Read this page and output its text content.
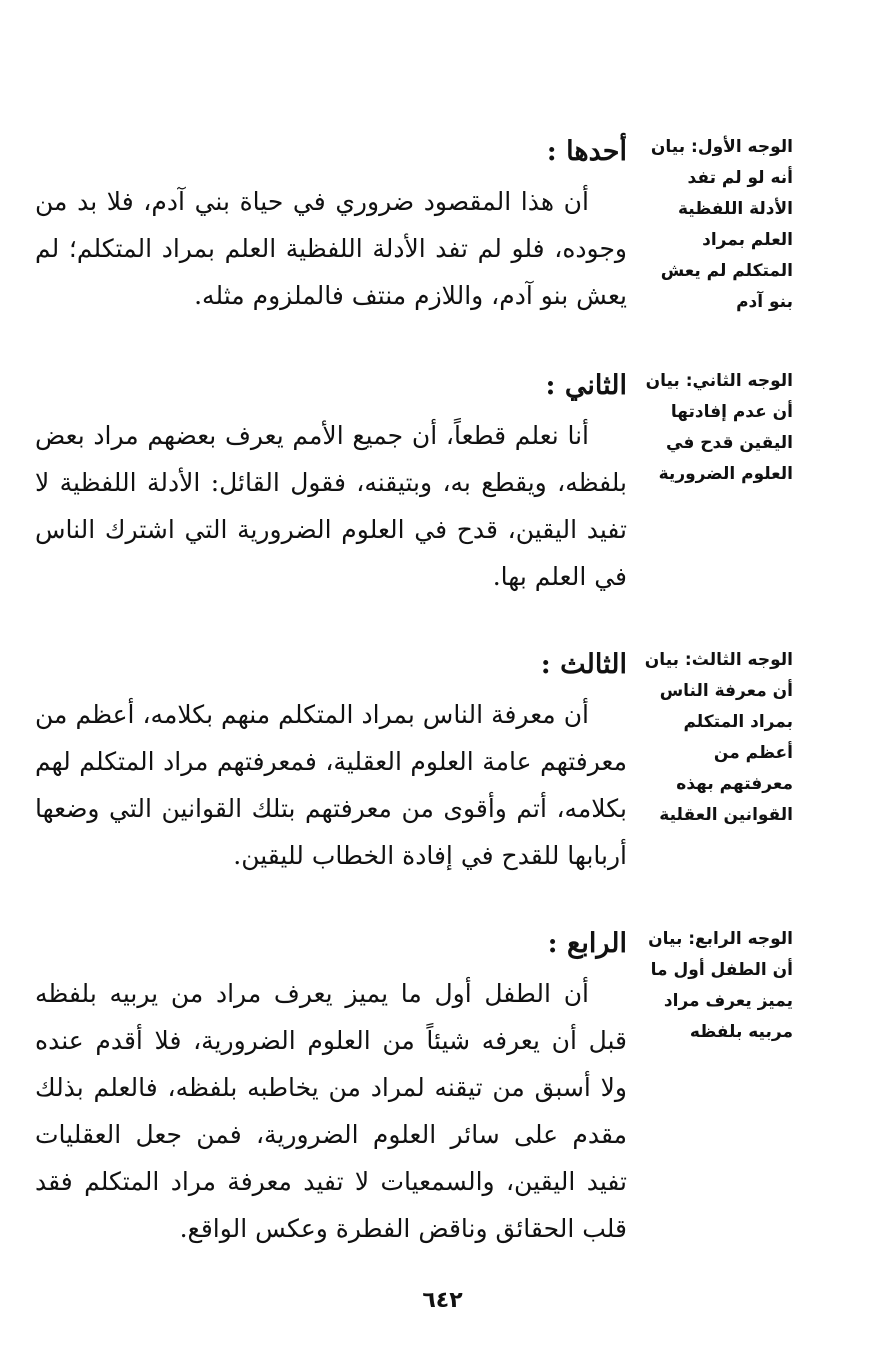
الوجه الأول: بيان
أنه لو لم تفد الأدلة اللفظية العلم بمراد المتكلم لم يعش بنو آدم
أحدها :
أن هذا المقصود ضروري في حياة بني آدم، فلا بد من وجوده، فلو لم تفد الأدلة اللفظية العلم بمراد المتكلم؛ لم يعش بنو آدم، واللازم منتف فالملزوم مثله.
الوجه الثاني: بيان
أن عدم إفادتها اليقين قدح في العلوم الضرورية
الثاني :
أنا نعلم قطعاً، أن جميع الأمم يعرف بعضهم مراد بعض بلفظه، ويقطع به، وبتيقنه، فقول القائل: الأدلة اللفظية لا تفيد اليقين، قدح في العلوم الضرورية التي اشترك الناس في العلم بها.
الوجه الثالث: بيان
أن معرفة الناس بمراد المتكلم أعظم من معرفتهم بهذه القوانين العقلية
الثالث :
أن معرفة الناس بمراد المتكلم منهم بكلامه، أعظم من معرفتهم عامة العلوم العقلية، فمعرفتهم مراد المتكلم لهم بكلامه، أتم وأقوى من معرفتهم بتلك القوانين التي وضعها أربابها للقدح في إفادة الخطاب لليقين.
الوجه الرابع: بيان
أن الطفل أول ما يميز يعرف مراد مربيه بلفظه
الرابع :
أن الطفل أول ما يميز يعرف مراد من يربيه بلفظه قبل أن يعرفه شيئاً من العلوم الضرورية، فلا أقدم عنده ولا أسبق من تيقنه لمراد من يخاطبه بلفظه، فالعلم بذلك مقدم على سائر العلوم الضرورية، فمن جعل العقليات تفيد اليقين، والسمعيات لا تفيد معرفة مراد المتكلم فقد قلب الحقائق وناقض الفطرة وعكس الواقع.
٦٤٢
